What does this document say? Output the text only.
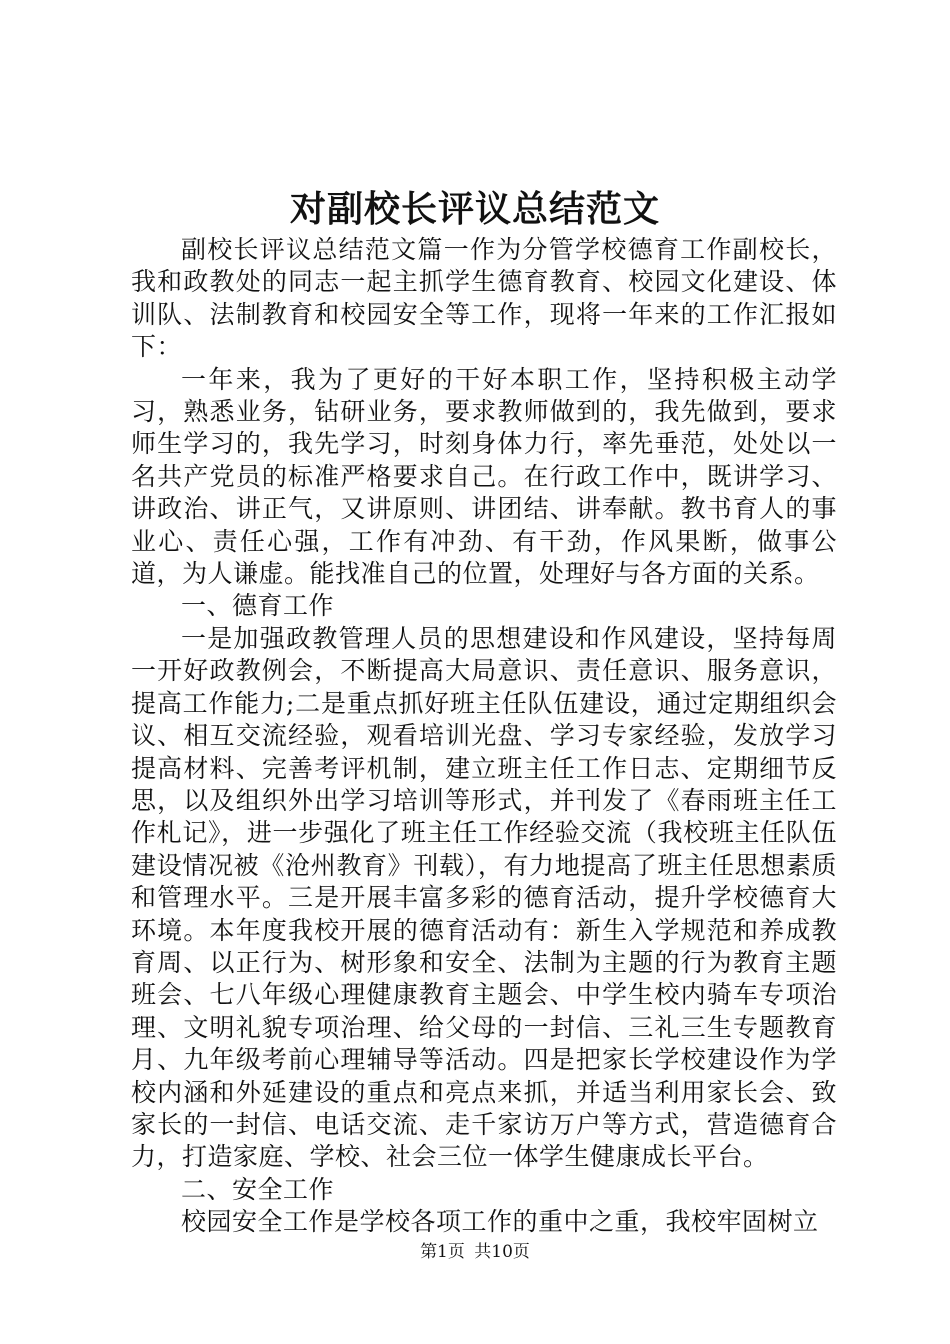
对副校长评议总结范文

副校长评议总结范文篇一作为分管学校德育工作副校长，我和政教处的同志一起主抓学生德育教育、校园文化建设、体训队、法制教育和校园安全等工作，现将一年来的工作汇报如下：

一年来，我为了更好的干好本职工作，坚持积极主动学习，熟悉业务，钻研业务，要求教师做到的，我先做到，要求师生学习的，我先学习，时刻身体力行，率先垂范，处处以一名共产党员的标准严格要求自己。在行政工作中，既讲学习、讲政治、讲正气，又讲原则、讲团结、讲奉献。教书育人的事业心、责任心强，工作有冲劲、有干劲，作风果断，做事公道，为人谦虚。能找准自己的位置，处理好与各方面的关系。

一、德育工作

一是加强政教管理人员的思想建设和作风建设，坚持每周一开好政教例会，不断提高大局意识、责任意识、服务意识，提高工作能力;二是重点抓好班主任队伍建设，通过定期组织会议、相互交流经验，观看培训光盘、学习专家经验，发放学习提高材料、完善考评机制，建立班主任工作日志、定期细节反思，以及组织外出学习培训等形式，并刊发了《春雨班主任工作札记》，进一步强化了班主任工作经验交流（我校班主任队伍建设情况被《沧州教育》刊载），有力地提高了班主任思想素质和管理水平。三是开展丰富多彩的德育活动，提升学校德育大环境。本年度我校开展的德育活动有：新生入学规范和养成教育周、以正行为、树形象和安全、法制为主题的行为教育主题班会、七八年级心理健康教育主题会、中学生校内骑车专项治理、文明礼貌专项治理、给父母的一封信、三礼三生专题教育月、九年级考前心理辅导等活动。四是把家长学校建设作为学校内涵和外延建设的重点和亮点来抓，并适当利用家长会、致家长的一封信、电话交流、走千家访万户等方式，营造德育合力，打造家庭、学校、社会三位一体学生健康成长平台。

二、安全工作

校园安全工作是学校各项工作的重中之重，我校牢固树立

第1页 共10页
